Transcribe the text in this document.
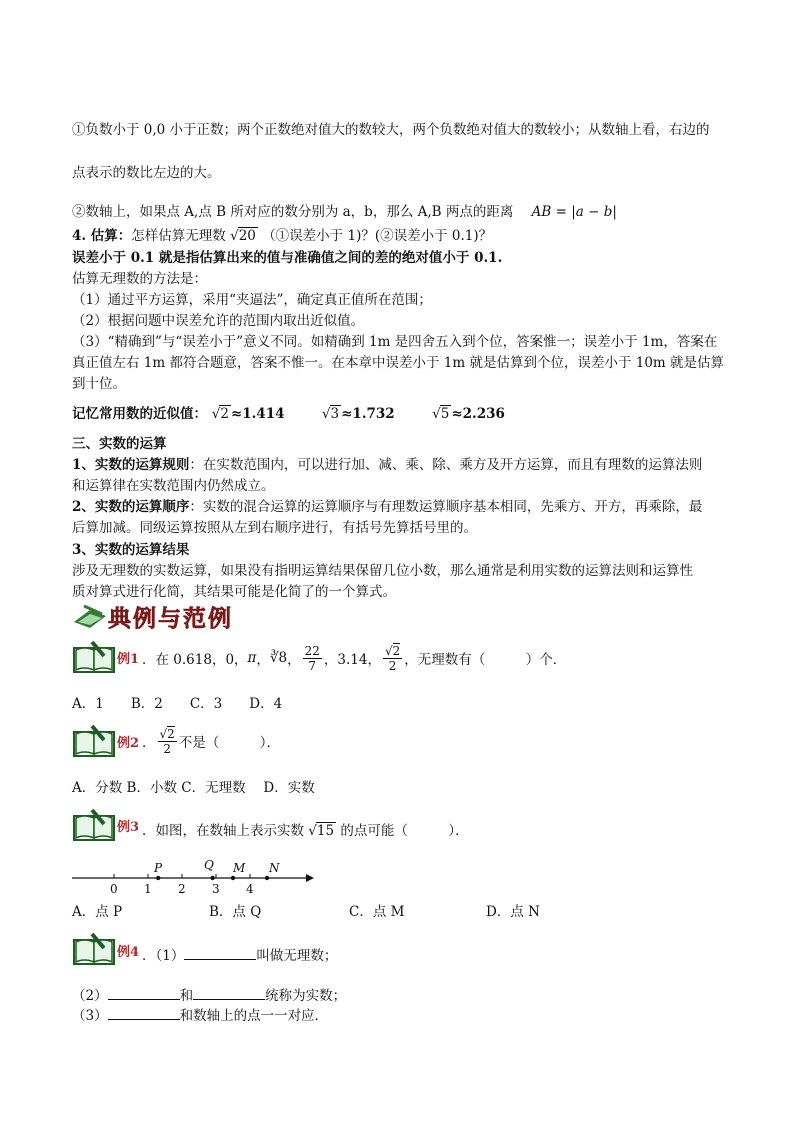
①负数小于 0,0 小于正数；两个正数绝对值大的数较大，两个负数绝对值大的数较小；从数轴上看，右边的
点表示的数比左边的大。
②数轴上，如果点 A,点 B 所对应的数分别为 a，b，那么 A,B 两点的距离 AB = |a − b|
4. 估算：怎样估算无理数 √20 （①误差小于 1)？(②误差小于 0.1)？
误差小于 0.1 就是指估算出来的值与准确值之间的差的绝对值小于 0.1.
估算无理数的方法是：
（1）通过平方运算，采用“夹逼法”，确定真正值所在范围；
（2）根据问题中误差允许的范围内取出近似值。
（3）“精确到”与“误差小于”意义不同。如精确到 1m 是四舍五入到个位，答案惟一；误差小于 1m，答案在
真正值左右 1m 都符合题意，答案不惟一。在本章中误差小于 1m 就是估算到个位，误差小于 10m 就是估算
到十位。
记忆常用数的近似值： √2 ≈1.414	√3 ≈1.732	√5 ≈2.236
三、实数的运算
1、实数的运算规则：在实数范围内，可以进行加、减、乘、除、乘方及开方运算，而且有理数的运算法则
和运算律在实数范围内仍然成立。
2、实数的运算顺序：实数的混合运算的运算顺序与有理数运算顺序基本相同，先乘方、开方，再乘除，最
后算加减。同级运算按照从左到右顺序进行，有括号先算括号里的。
3、实数的运算结果
涉及无理数的实数运算，如果没有指明运算结果保留几位小数，那么通常是利用实数的运算法则和运算性
质对算式进行化简，其结果可能是化简了的一个算式。
典例与范例
例1 ．在 0.618，0， π ， ∛8 ， $\frac{22}{7}$ ，3.14， $\frac{√2}{2}$ ，无理数有（　　　）个．
A．1　　B．2　　C．3　　D．4
例2 ． $\frac{√2}{2}$ 不是（　　　）．
A．分数 B．小数 C．无理数　 D．实数
例3 ．如图，在数轴上表示实数 √15 的点可能（　　　）．
0 1 2 3 4
P	Q M N
A．点 P	B．点 Q	C．点 M	D．点 N
例4 ．（1）	叫做无理数；
（2）	和	统称为实数；
（3）	和数轴上的点一一对应．
